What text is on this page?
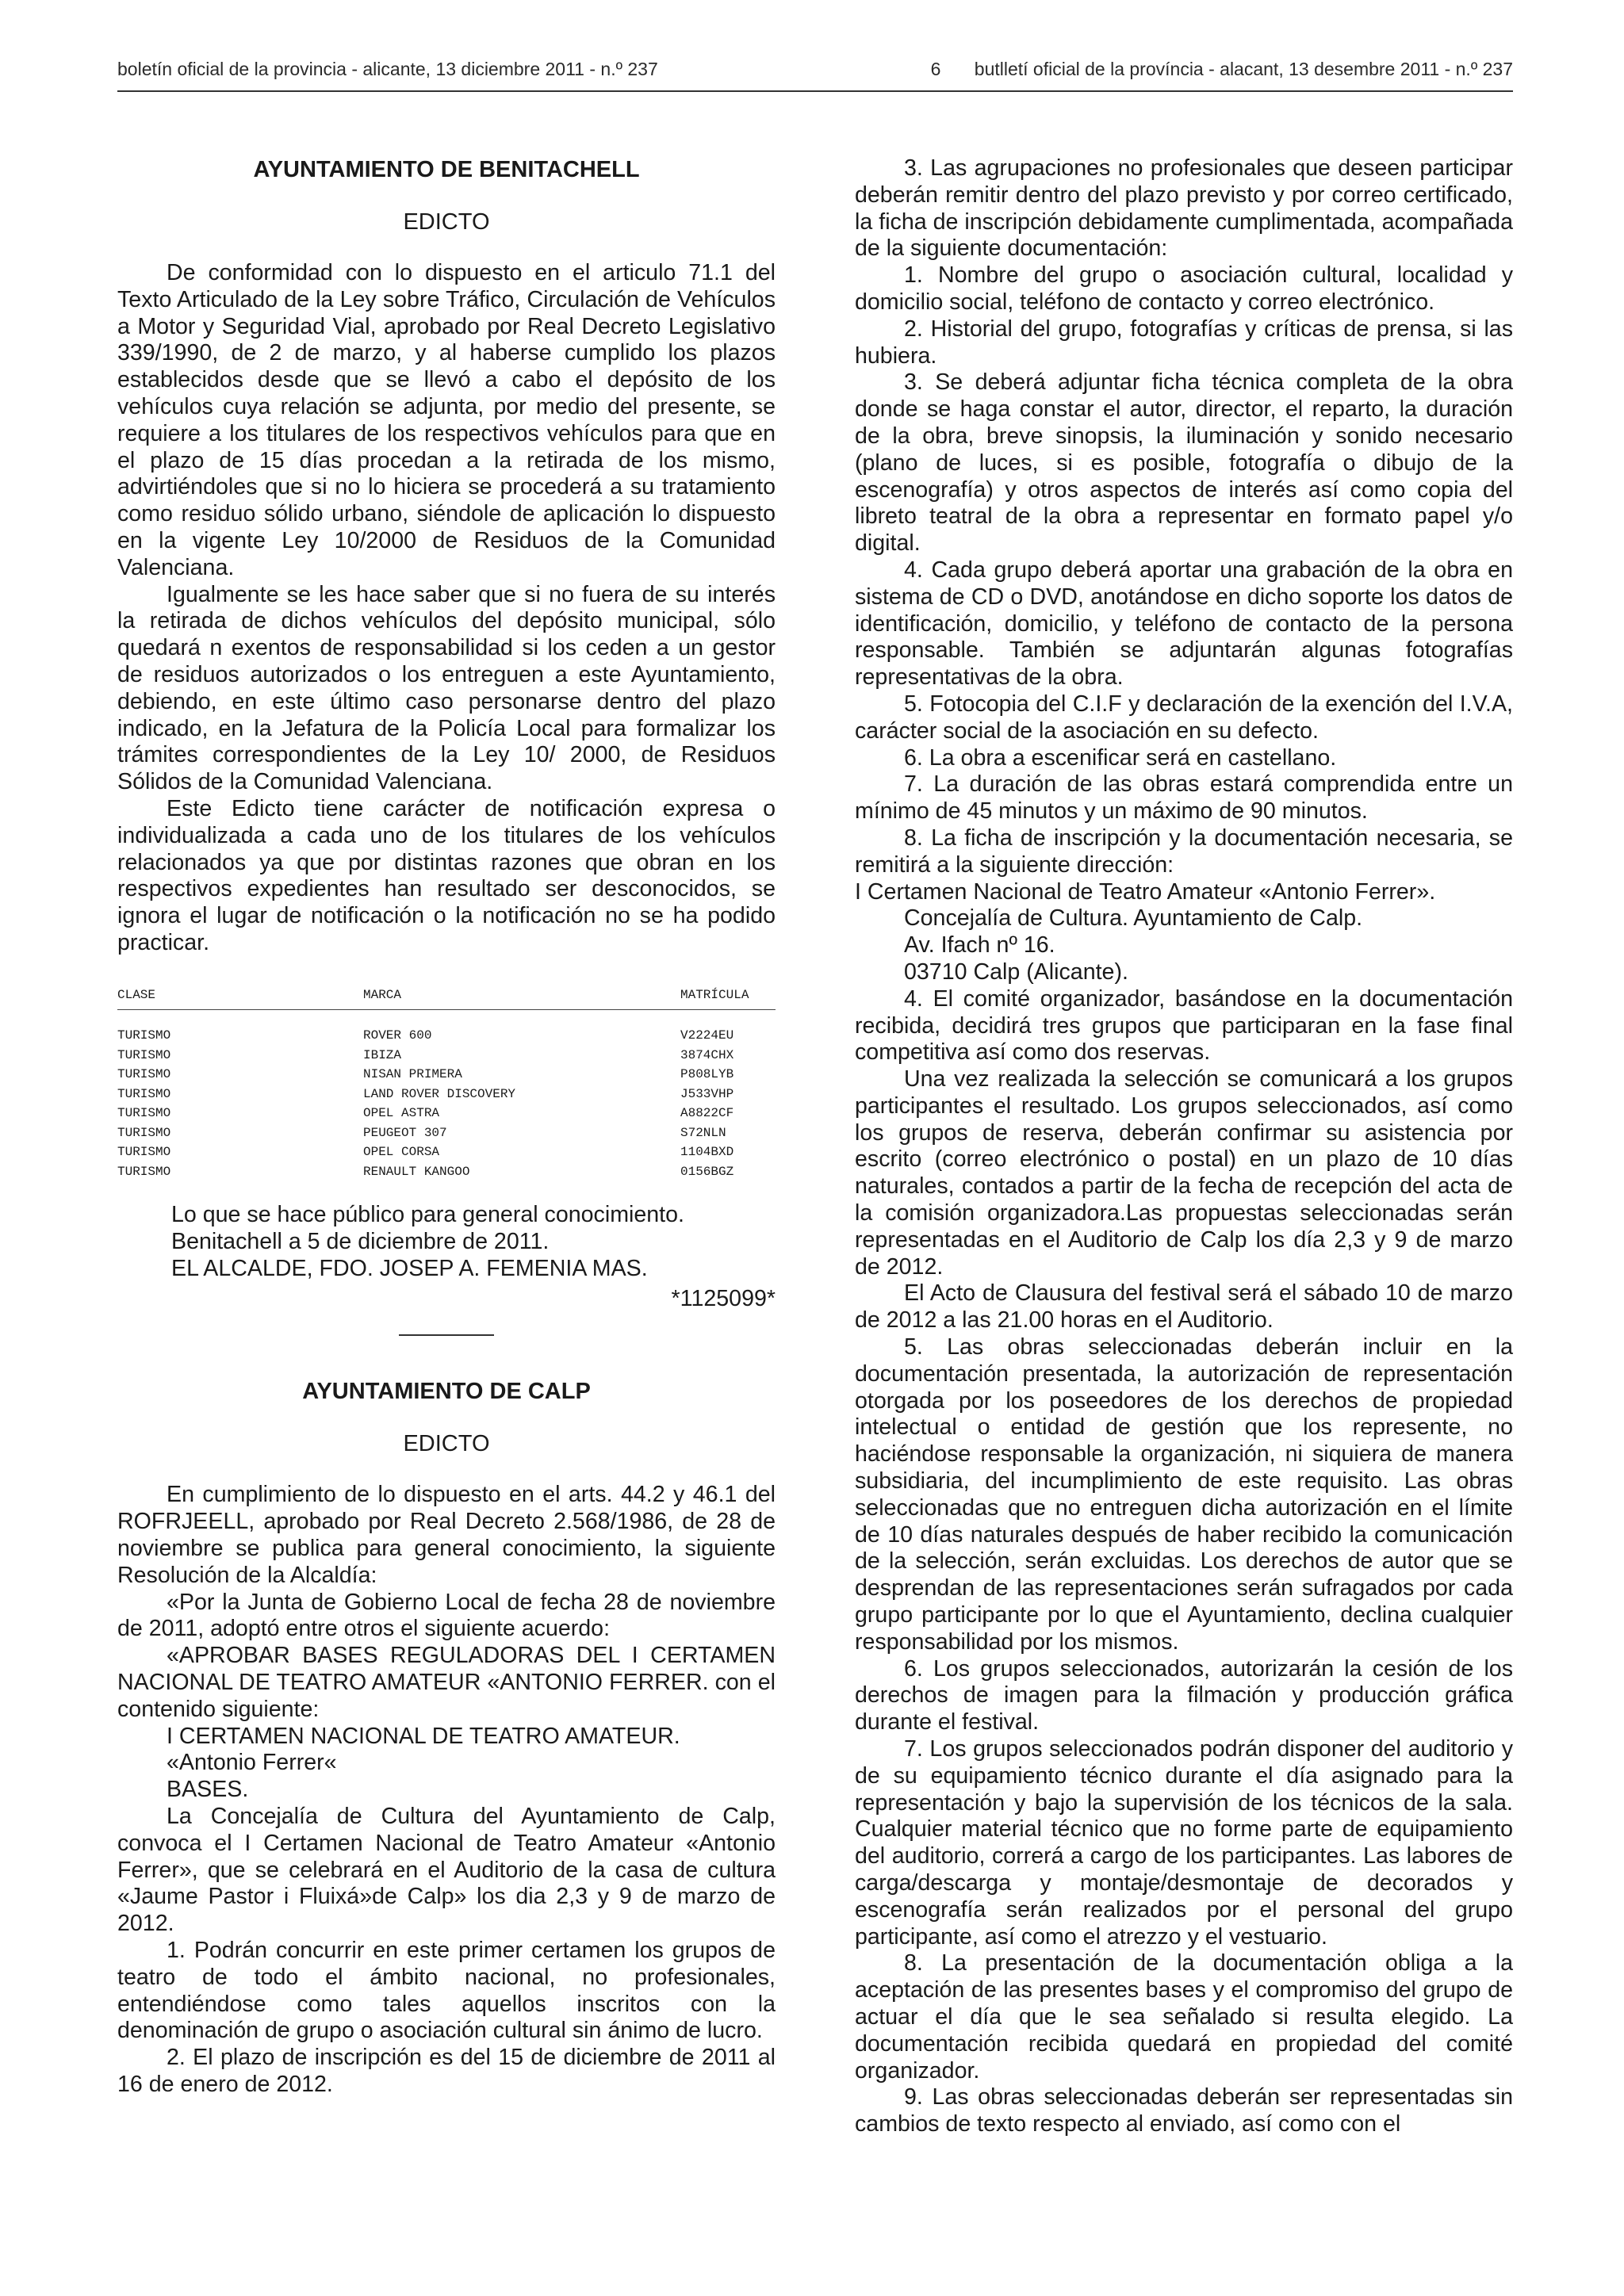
boletín oficial de la provincia - alicante, 13 diciembre 2011 - n.º 237	6	butlletí oficial de la província - alacant, 13 desembre 2011 - n.º 237
AYUNTAMIENTO DE BENITACHELL
EDICTO

De conformidad con lo dispuesto en el articulo 71.1 del Texto Articulado de la Ley sobre Tráfico, Circulación de Vehículos a Motor y Seguridad Vial, aprobado por Real Decreto Legislativo 339/1990, de 2 de marzo, y al haberse cumplido los plazos establecidos desde que se llevó a cabo el depósito de los vehículos cuya relación se adjunta, por medio del presente, se requiere a los titulares de los respectivos vehículos para que en el plazo de 15 días procedan a la retirada de los mismo, advirtiéndoles que si no lo hiciera se procederá a su tratamiento como residuo sólido urbano, siéndole de aplicación lo dispuesto en la vigente Ley 10/2000 de Residuos de la Comunidad Valenciana.

Igualmente se les hace saber que si no fuera de su interés la retirada de dichos vehículos del depósito municipal, sólo quedará n exentos de responsabilidad si los ceden a un gestor de residuos autorizados o los entreguen a este Ayuntamiento, debiendo, en este último caso personarse dentro del plazo indicado, en la Jefatura de la Policía Local para formalizar los trámites correspondientes de la Ley 10/ 2000, de Residuos Sólidos de la Comunidad Valenciana.

Este Edicto tiene carácter de notificación expresa o individualizada a cada uno de los titulares de los vehículos relacionados ya que por distintas razones que obran en los respectivos expedientes han resultado ser desconocidos, se ignora el lugar de notificación o la notificación no se ha podido practicar.

CLASE	MARCA	MATRÍCULA
TURISMO	ROVER 600	V2224EU
TURISMO	IBIZA	3874CHX
TURISMO	NISAN PRIMERA	P808LYB
TURISMO	LAND ROVER DISCOVERY	J533VHP
TURISMO	OPEL ASTRA	A8822CF
TURISMO	PEUGEOT 307	S72NLN
TURISMO	OPEL CORSA	1104BXD
TURISMO	RENAULT KANGOO	0156BGZ

Lo que se hace público para general conocimiento.

Benitachell a 5 de diciembre de 2011.

EL ALCALDE, FDO. JOSEP A. FEMENIA MAS.

*1125099*
AYUNTAMIENTO DE CALP
EDICTO

En cumplimiento de lo dispuesto en el arts. 44.2 y 46.1 del ROFRJEELL, aprobado por Real Decreto 2.568/1986, de 28 de noviembre se publica para general conocimiento, la siguiente Resolución de la Alcaldía:

«Por la Junta de Gobierno Local de fecha 28 de noviembre de 2011, adoptó entre otros el siguiente acuerdo:

«APROBAR BASES REGULADORAS DEL I CERTAMEN NACIONAL DE TEATRO AMATEUR «ANTONIO FERRER. con el contenido siguiente:

I CERTAMEN NACIONAL DE TEATRO AMATEUR.

«Antonio Ferrer«

BASES.

La Concejalía de Cultura del Ayuntamiento de Calp, convoca el I Certamen Nacional de Teatro Amateur «Antonio Ferrer», que se celebrará en el Auditorio de la casa de cultura «Jaume Pastor i Fluixá»de Calp» los dia 2,3 y 9 de marzo de 2012.

1. Podrán concurrir en este primer certamen los grupos de teatro de todo el ámbito nacional, no profesionales, entendiéndose como tales aquellos inscritos con la denominación de grupo o asociación cultural sin ánimo de lucro.

2. El plazo de inscripción es del 15 de diciembre de 2011 al 16 de enero de 2012.

3. Las agrupaciones no profesionales que deseen participar deberán remitir dentro del plazo previsto y por correo certificado, la ficha de inscripción debidamente cumplimentada, acompañada de la siguiente documentación:

1. Nombre del grupo o asociación cultural, localidad y domicilio social, teléfono de contacto y correo electrónico.

2. Historial del grupo, fotografías y críticas de prensa, si las hubiera.

3. Se deberá adjuntar ficha técnica completa de la obra donde se haga constar el autor, director, el reparto, la duración de la obra, breve sinopsis, la iluminación y sonido necesario (plano de luces, si es posible, fotografía o dibujo de la escenografía) y otros aspectos de interés así como copia del libreto teatral de la obra a representar en formato papel y/o digital.

4. Cada grupo deberá aportar una grabación de la obra en sistema de CD o DVD, anotándose en dicho soporte los datos de identificación, domicilio, y teléfono de contacto de la persona responsable. También se adjuntarán algunas fotografías representativas de la obra.

5. Fotocopia del C.I.F y declaración de la exención del I.V.A, carácter social de la asociación en su defecto.

6. La obra a escenificar será en castellano.

7. La duración de las obras estará comprendida entre un mínimo de 45 minutos y un máximo de 90 minutos.

8. La ficha de inscripción y la documentación necesaria, se remitirá a la siguiente dirección:

I Certamen Nacional de Teatro Amateur «Antonio Ferrer».

Concejalía de Cultura. Ayuntamiento de Calp.

Av. Ifach nº 16.

03710 Calp (Alicante).

4. El comité organizador, basándose en la documentación recibida, decidirá tres grupos que participaran en la fase final competitiva así como dos reservas.

Una vez realizada la selección se comunicará a los grupos participantes el resultado. Los grupos seleccionados, así como los grupos de reserva, deberán confirmar su asistencia por escrito (correo electrónico o postal) en un plazo de 10 días naturales, contados a partir de la fecha de recepción del acta de la comisión organizadora.Las propuestas seleccionadas serán representadas en el Auditorio de Calp los día 2,3 y 9 de marzo de 2012.

El Acto de Clausura del festival será el sábado 10 de marzo de 2012 a las 21.00 horas en el Auditorio.

5. Las obras seleccionadas deberán incluir en la documentación presentada, la autorización de representación otorgada por los poseedores de los derechos de propiedad intelectual o entidad de gestión que los represente, no haciéndose responsable la organización, ni siquiera de manera subsidiaria, del incumplimiento de este requisito. Las obras seleccionadas que no entreguen dicha autorización en el límite de 10 días naturales después de haber recibido la comunicación de la selección, serán excluidas. Los derechos de autor que se desprendan de las representaciones serán sufragados por cada grupo participante por lo que el Ayuntamiento, declina cualquier responsabilidad por los mismos.

6. Los grupos seleccionados, autorizarán la cesión de los derechos de imagen para la filmación y producción gráfica durante el festival.

7. Los grupos seleccionados podrán disponer del auditorio y de su equipamiento técnico durante el día asignado para la representación y bajo la supervisión de los técnicos de la sala. Cualquier material técnico que no forme parte de equipamiento del auditorio, correrá a cargo de los participantes. Las labores de carga/descarga y montaje/desmontaje de decorados y escenografía serán realizados por el personal del grupo participante, así como el atrezzo y el vestuario.

8. La presentación de la documentación obliga a la aceptación de las presentes bases y el compromiso del grupo de actuar el día que le sea señalado si resulta elegido. La documentación recibida quedará en propiedad del comité organizador.

9. Las obras seleccionadas deberán ser representadas sin cambios de texto respecto al enviado, así como con el
